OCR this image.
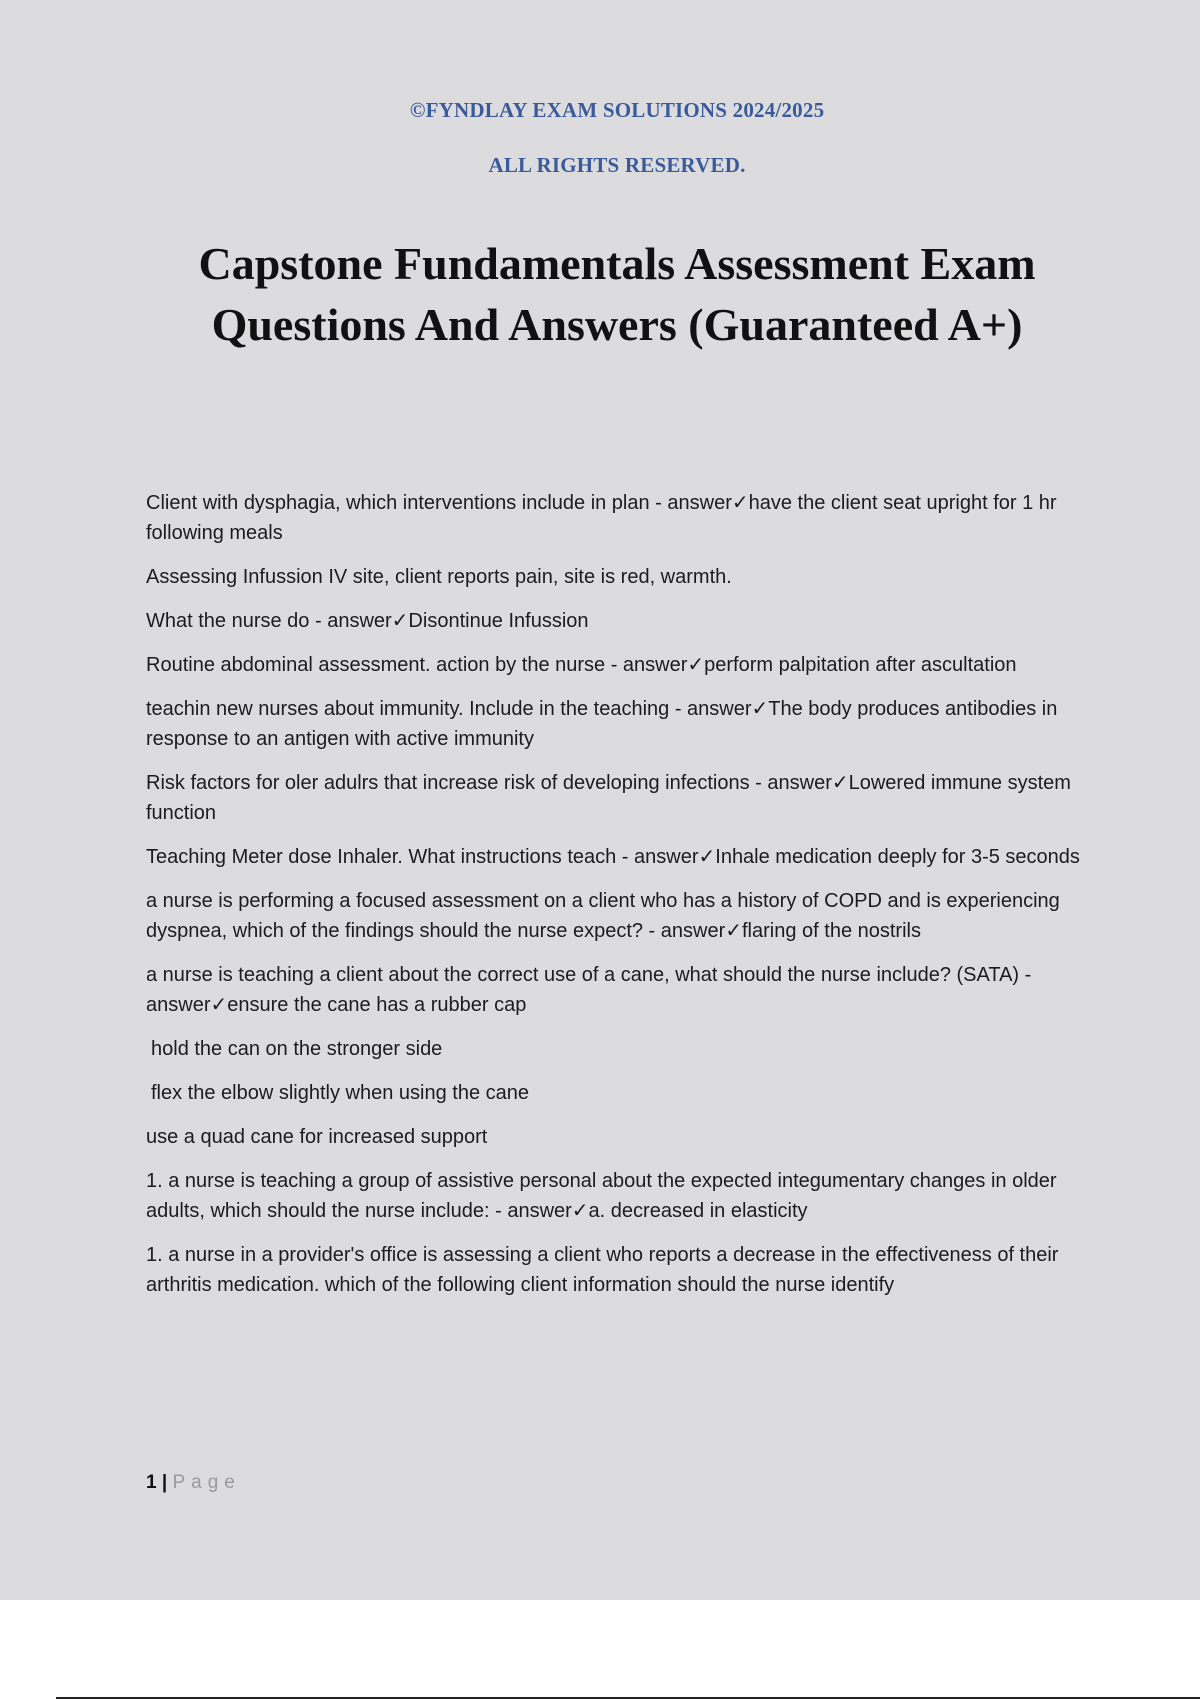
©FYNDLAY EXAM SOLUTIONS 2024/2025
ALL RIGHTS RESERVED.
Capstone Fundamentals Assessment Exam
Questions And Answers (Guaranteed A+)

Client with dysphagia, which interventions include in plan - answer✓have the client seat upright for 1 hr following meals

Assessing Infussion IV site, client reports pain, site is red, warmth.

What the nurse do - answer✓Disontinue Infussion

Routine abdominal assessment. action by the nurse - answer✓perform palpitation after ascultation

teachin new nurses about immunity. Include in the teaching - answer✓The body produces antibodies in response to an antigen with active immunity

Risk factors for oler adulrs that increase risk of developing infections - answer✓Lowered immune system function

Teaching Meter dose Inhaler. What instructions teach - answer✓Inhale medication deeply for 3-5 seconds

a nurse is performing a focused assessment on a client who has a history of COPD and is experiencing dyspnea, which of the findings should the nurse expect? - answer✓flaring of the nostrils

a nurse is teaching a client about the correct use of a cane, what should the nurse include? (SATA) - answer✓ensure the cane has a rubber cap

hold the can on the stronger side

flex the elbow slightly when using the cane

use a quad cane for increased support

1. a nurse is teaching a group of assistive personal about the expected integumentary changes in older adults, which should the nurse include: - answer✓a. decreased in elasticity

1. a nurse in a provider's office is assessing a client who reports a decrease in the effectiveness of their arthritis medication. which of the following client information should the nurse identify

1 | Page
